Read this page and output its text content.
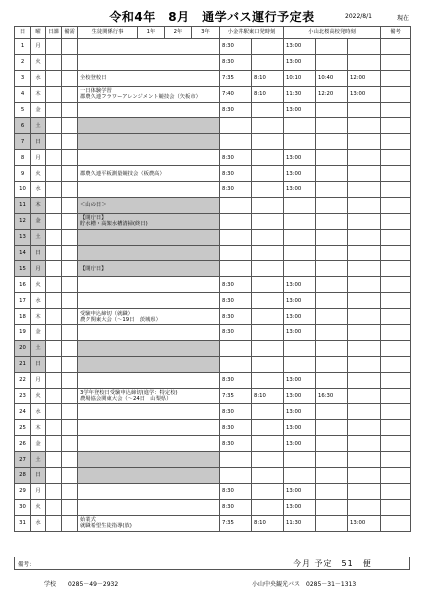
令和4年　8月　通学バス運行予定表	2022/8/1	現在
日	曜	日課	備需	生徒関係行事	1年	2年	3年	小金井駅東口発時刻		小山北桜高校発時刻			備考
1	月							8:30		13:00			
2	火							8:30		13:00			
3	水			全校登校日				7:35	8:10	10:10	10:40	12:00	
4	木			一日体験学習
郡農久連フラワーアレンジメント競技会（矢板市）				7:40	8:10	11:30	12:20	13:00	
5	金							8:30		13:00			
6	土												
7	日												
8	月							8:30		13:00			
9	火			郡農久連平板測量競技会（板農高）				8:30		13:00			
10	水							8:30		13:00			
11	木			＜山の日＞									

12	金			【閉庁日】
貯水槽・高架水槽清掃(終日)									

13	土												
14	日												
15	月			【閉庁日】									

16	火							8:30		13:00			
17	水							8:30		13:00			
18	木			受験申込締切（就職）
農ク関東大会（～19日　茨城県）				8:30		13:00			
19	金							8:30		13:00			
20	土												
21	日												
22	月							8:30		13:00			
23	火			3学年登校日受験申込締切(進学：特定校)
農場協会関東大会（～24日　山梨県）				7:35	8:10	13:00	16:30		
24	水							8:30		13:00			
25	木							8:30		13:00			
26	金							8:30		13:00			
27	土												
28	日												
29	月							8:30		13:00			
30	火							8:30		13:00			
31	水			始業式
就職希望生徒指導(放)				7:35	8:10	11:30		13:00	
備考：	今月 予定　51　便
学校　　0285－49－2932	小山中央観光バス　0285－31－1313
